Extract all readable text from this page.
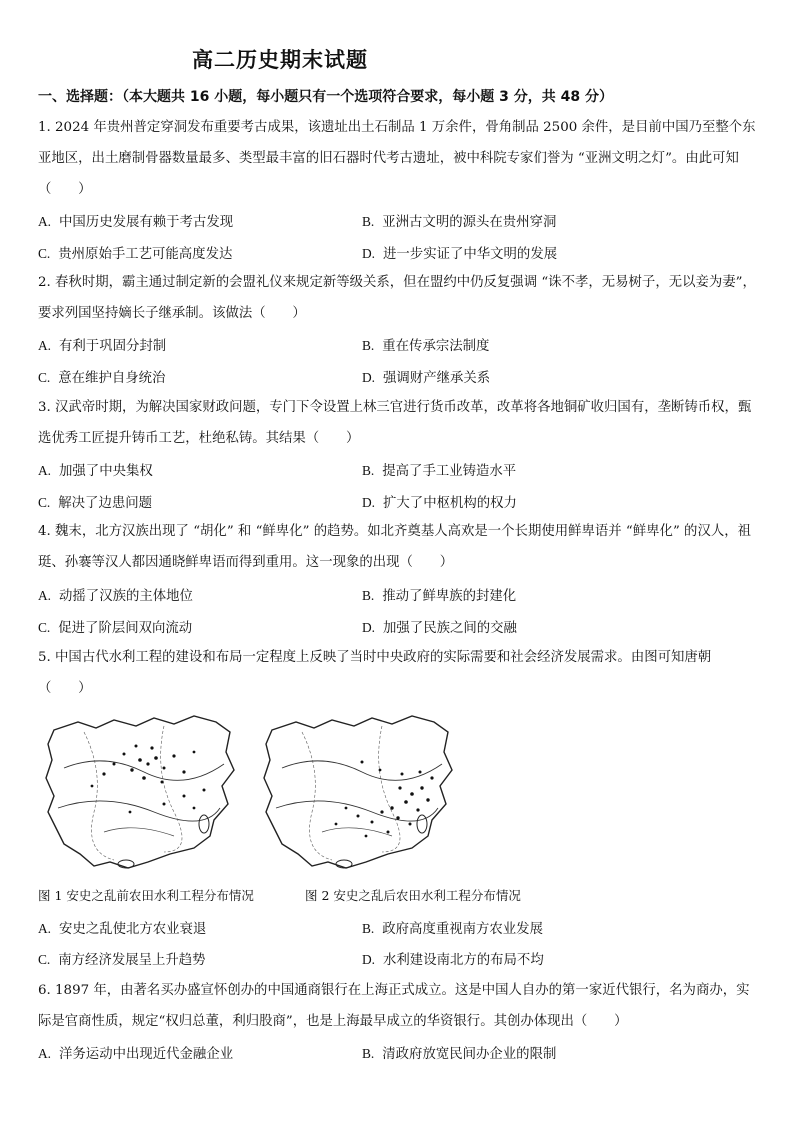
高二历史期末试题
一、选择题：（本大题共 16 小题，每小题只有一个选项符合要求，每小题 3 分，共 48 分）
1. 2024 年贵州普定穿洞发布重要考古成果，该遗址出土石制品 1 万余件，骨角制品 2500 余件，是目前中国乃至整个东亚地区，出土磨制骨器数量最多、类型最丰富的旧石器时代考古遗址，被中科院专家们誉为 “亚洲文明之灯”。由此可知（　　）
A. 中国历史发展有赖于考古发现	B. 亚洲古文明的源头在贵州穿洞
C. 贵州原始手工艺可能高度发达	D. 进一步实证了中华文明的发展
2. 春秋时期，霸主通过制定新的会盟礼仪来规定新等级关系，但在盟约中仍反复强调 “诛不孝，无易树子，无以妾为妻”，要求列国坚持嫡长子继承制。该做法（　　）
A. 有利于巩固分封制	B. 重在传承宗法制度
C. 意在维护自身统治	D. 强调财产继承关系
3. 汉武帝时期，为解决国家财政问题，专门下令设置上林三官进行货币改革，改革将各地铜矿收归国有，垄断铸币权，甄选优秀工匠提升铸币工艺，杜绝私铸。其结果（　　）
A. 加强了中央集权	B. 提高了手工业铸造水平
C. 解决了边患问题	D. 扩大了中枢机构的权力
4. 魏末，北方汉族出现了 “胡化” 和 “鲜卑化” 的趋势。如北齐奠基人高欢是一个长期使用鲜卑语并 “鲜卑化” 的汉人，祖珽、孙褰等汉人都因通晓鲜卑语而得到重用。这一现象的出现（　　）
A. 动摇了汉族的主体地位	B. 推动了鲜卑族的封建化
C. 促进了阶层间双向流动	D. 加强了民族之间的交融
5. 中国古代水利工程的建设和布局一定程度上反映了当时中央政府的实际需要和社会经济发展需求。由图可知唐朝（　　）
图 1 安史之乱前农田水利工程分布情况	图 2 安史之乱后农田水利工程分布情况
A. 安史之乱使北方农业衰退	B. 政府高度重视南方农业发展
C. 南方经济发展呈上升趋势	D. 水利建设南北方的布局不均
6. 1897 年，由著名买办盛宣怀创办的中国通商银行在上海正式成立。这是中国人自办的第一家近代银行，名为商办，实际是官商性质，规定“权归总董，利归股商”，也是上海最早成立的华资银行。其创办体现出（　　）
A. 洋务运动中出现近代金融企业	B. 清政府放宽民间办企业的限制
